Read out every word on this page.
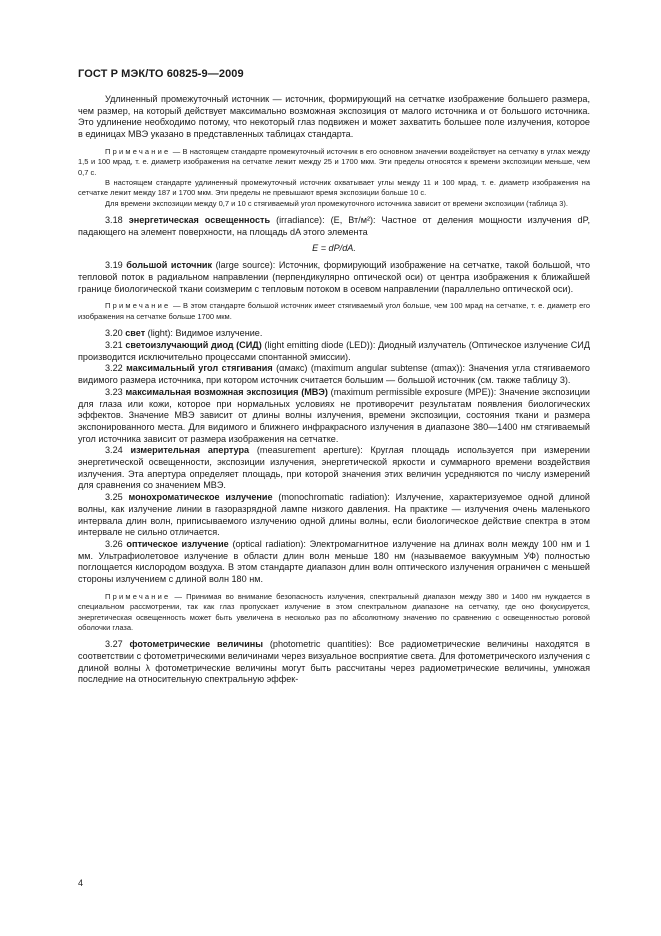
ГОСТ Р МЭК/ТО 60825-9—2009

Удлиненный промежуточный источник — источник, формирующий на сетчатке изображение большего размера, чем размер, на который действует максимально возможная экспозиция от малого источника и от большого источника. Это удлинение необходимо потому, что некоторый глаз подвижен и может захватить большее поле излучения, которое в единицах МВЭ указано в представленных таблицах стандарта.

Примечание — В настоящем стандарте промежуточный источник в его основном значении воздействует на сетчатку в углах между 1,5 и 100 мрад, т. е. диаметр изображения на сетчатке лежит между 25 и 1700 мкм. Эти пределы относятся к времени экспозиции меньше, чем 0,7 с.

В настоящем стандарте удлиненный промежуточный источник охватывает углы между 11 и 100 мрад, т. е. диаметр изображения на сетчатке лежит между 187 и 1700 мкм. Эти пределы не превышают время экспозиции больше 10 с.

Для времени экспозиции между 0,7 и 10 с стягиваемый угол промежуточного источника зависит от времени экспозиции (таблица 3).

3.18 энергетическая освещенность (irradiance): (E, Вт/м²): Частное от деления мощности излучения dP, падающего на элемент поверхности, на площадь dA этого элемента

E = dP/dA.

3.19 большой источник (large source): Источник, формирующий изображение на сетчатке, такой большой, что тепловой поток в радиальном направлении (перпендикулярно оптической оси) от центра изображения к ближайшей границе биологической ткани соизмерим с тепловым потоком в осевом направлении (параллельно оптической оси).

Примечание — В этом стандарте большой источник имеет стягиваемый угол больше, чем 100 мрад на сетчатке, т. е. диаметр его изображения на сетчатке больше 1700 мкм.

3.20 свет (light): Видимое излучение.

3.21 светоизлучающий диод (СИД) (light emitting diode (LED)): Диодный излучатель (Оптическое излучение СИД производится исключительно процессами спонтанной эмиссии).

3.22 максимальный угол стягивания (αмакс) (maximum angular subtense (αmax)): Значения угла стягиваемого видимого размера источника, при котором источник считается большим — большой источник (см. также таблицу 3).

3.23 максимальная возможная экспозиция (МВЭ) (maximum permissible exposure (MPE)): Значение экспозиции для глаза или кожи, которое при нормальных условиях не противоречит результатам появления биологических эффектов. Значение МВЭ зависит от длины волны излучения, времени экспозиции, состояния ткани и размера экспонированного места. Для видимого и ближнего инфракрасного излучения в диапазоне 380—1400 нм стягиваемый угол источника зависит от размера изображения на сетчатке.

3.24 измерительная апертура (measurement aperture): Круглая площадь используется при измерении энергетической освещенности, экспозиции излучения, энергетической яркости и суммарного времени воздействия излучения. Эта апертура определяет площадь, при которой значения этих величин усредняются по числу измерений для сравнения со значением МВЭ.

3.25 монохроматическое излучение (monochromatic radiation): Излучение, характеризуемое одной длиной волны, как излучение линии в газоразрядной лампе низкого давления. На практике — излучения очень маленького интервала длин волн, приписываемого излучению одной длины волны, если биологическое действие спектра в этом интервале не сильно отличается.

3.26 оптическое излучение (optical radiation): Электромагнитное излучение на длинах волн между 100 нм и 1 мм. Ультрафиолетовое излучение в области длин волн меньше 180 нм (называемое вакуумным УФ) полностью поглощается кислородом воздуха. В этом стандарте диапазон длин волн оптического излучения ограничен с меньшей стороны излучением с длиной волн 180 нм.

Примечание — Принимая во внимание безопасность излучения, спектральный диапазон между 380 и 1400 нм нуждается в специальном рассмотрении, так как глаз пропускает излучение в этом спектральном диапазоне на сетчатку, где оно фокусируется, энергетическая освещенность может быть увеличена в несколько раз по абсолютному значению по сравнению с освещенностью роговой оболочки глаза.

3.27 фотометрические величины (photometric quantities): Все радиометрические величины находятся в соответствии с фотометрическими величинами через визуальное восприятие света. Для фотометрического излучения с длиной волны λ фотометрические величины могут быть рассчитаны через радиометрические величины, умножая последние на относительную спектральную эффек-

4
